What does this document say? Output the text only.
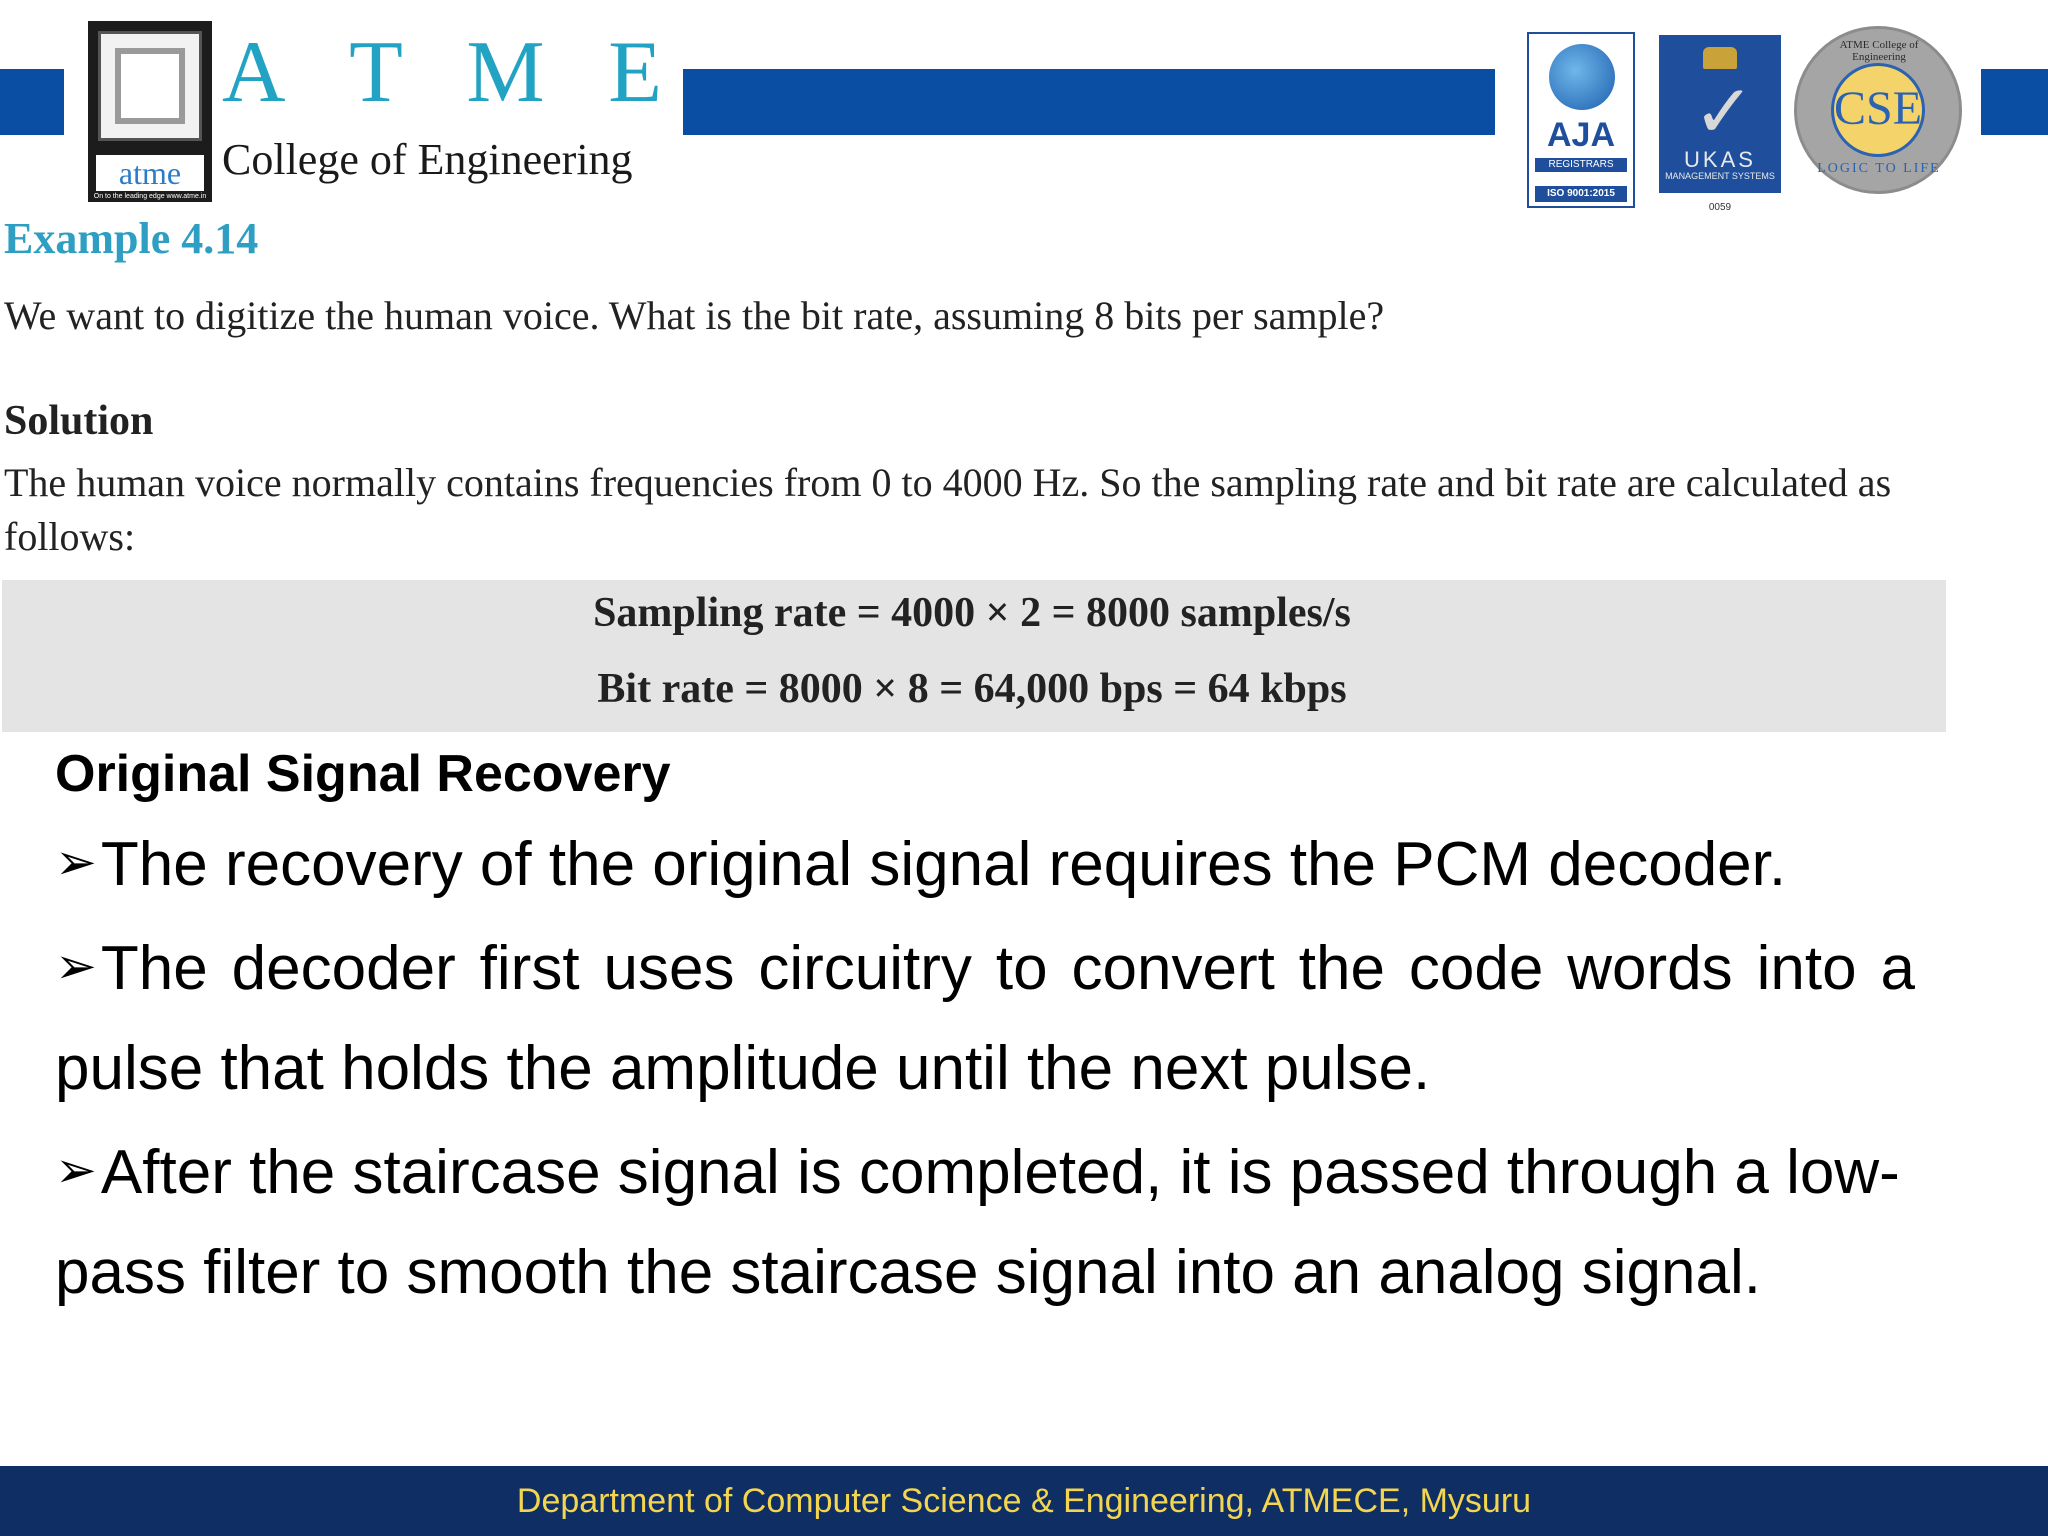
atme
On to the leading edge www.atme.in
A T M E
College of Engineering	AJA
REGISTRARS
ISO 9001:2015
✓
UKAS
MANAGEMENT SYSTEMS
0059
ATME College of Engineering
CSE
LOGIC TO LIFE
Example 4.14
We want to digitize the human voice. What is the bit rate, assuming 8 bits per sample?
Solution
The human voice normally contains frequencies from 0 to 4000 Hz. So the sampling rate and bit rate are calculated as follows:
Sampling rate = 4000 × 2 = 8000 samples/s
Bit rate = 8000 × 8 = 64,000 bps = 64 kbps
Original Signal Recovery
➢The recovery of the original signal requires the PCM decoder.
➢The decoder first uses circuitry to convert the code words into a pulse that holds the amplitude until the next pulse.
➢After the staircase signal is completed, it is passed through a low-pass filter to smooth the staircase signal into an analog signal.
Department of Computer Science & Engineering, ATMECE, Mysuru
